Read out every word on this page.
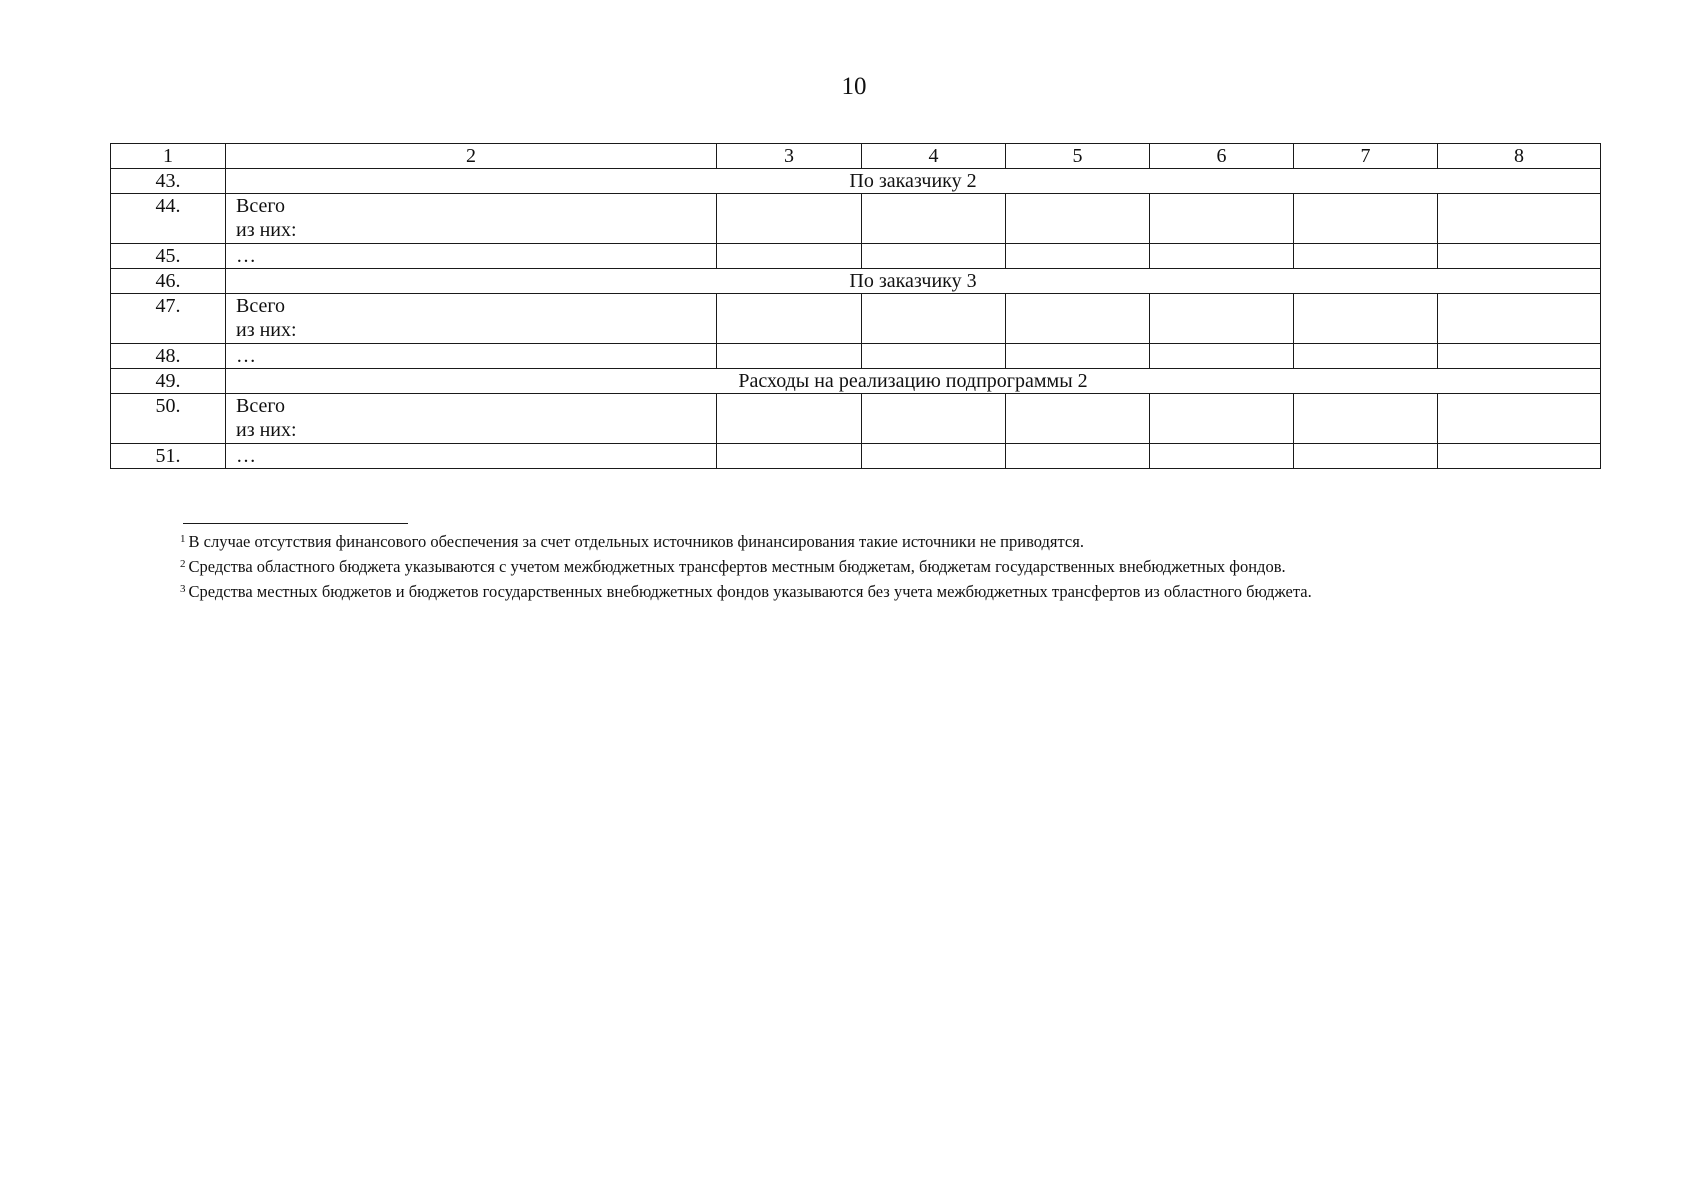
10
1	2	3	4	5	6	7	8
43.	По заказчику 2						
44.	Всего
из них:						

45.	…						
46.	По заказчику 3						
47.	Всего
из них:						

48.	…						
49.	Расходы на реализацию подпрограммы 2						
50.	Всего
из них:						

51.	…						
$^1$ В случае отсутствия финансового обеспечения за счет отдельных источников финансирования такие источники не приводятся.
$^2$ Средства областного бюджета указываются с учетом межбюджетных трансфертов местным бюджетам, бюджетам государственных внебюджетных фондов.
$^3$ Средства местных бюджетов и бюджетов государственных внебюджетных фондов указываются без учета межбюджетных трансфертов из областного бюджета.
